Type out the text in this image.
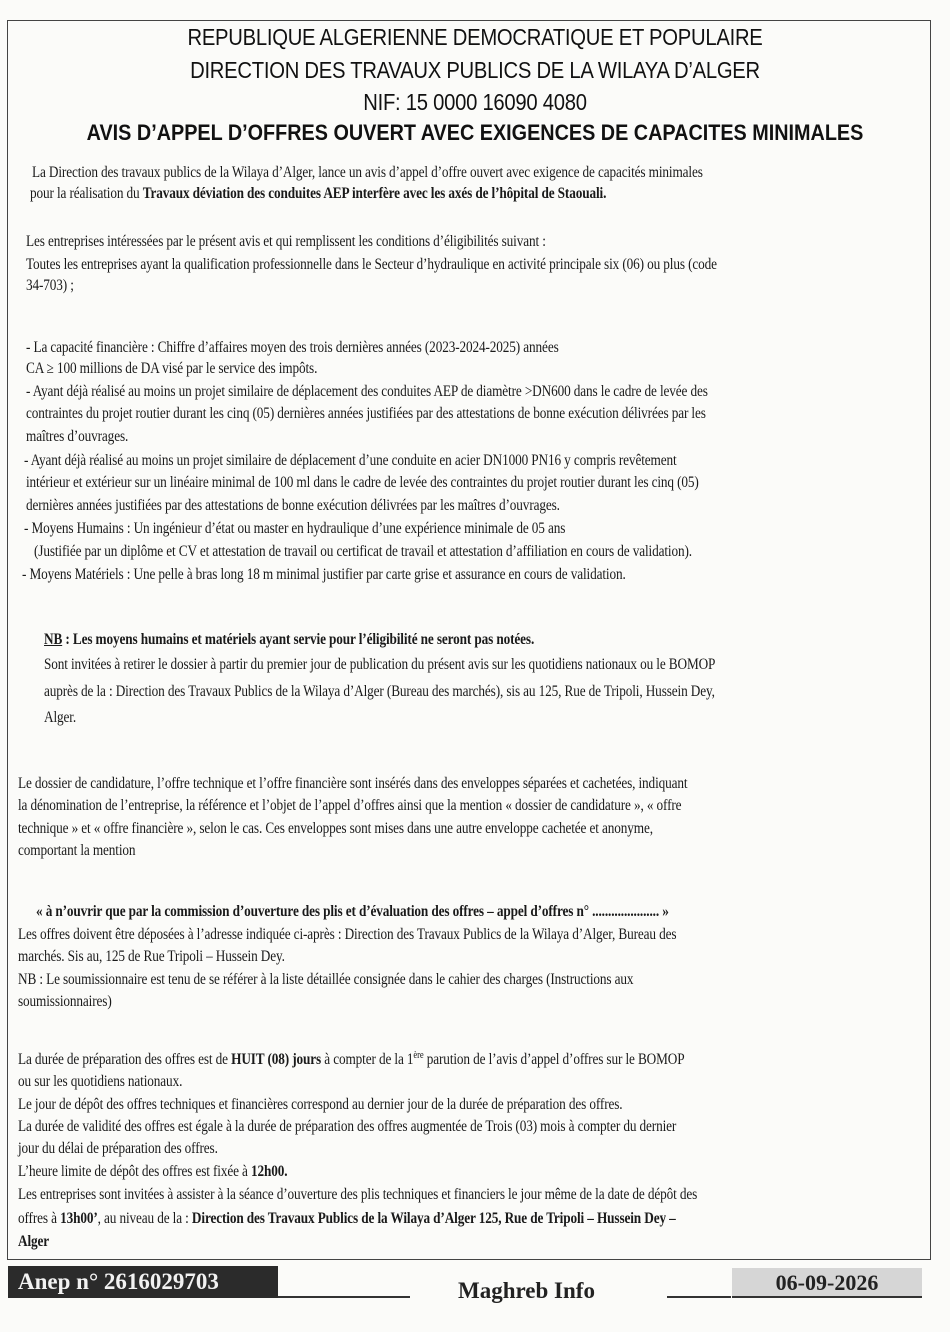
REPUBLIQUE ALGERIENNE DEMOCRATIQUE ET POPULAIRE
DIRECTION DES TRAVAUX PUBLICS DE LA WILAYA D’ALGER
NIF: 15 0000 16090 4080
AVIS D’APPEL D’OFFRES OUVERT AVEC EXIGENCES DE CAPACITES MINIMALES
La Direction des travaux publics de la Wilaya d’Alger, lance un avis d’appel d’offre ouvert avec exigence de capacités minimales
pour la réalisation du Travaux déviation des conduites AEP interfère avec les axés de l’hôpital de Staouali.
Les entreprises intéressées par le présent avis et qui remplissent les conditions d’éligibilités suivant :
Toutes les entreprises ayant la qualification professionnelle dans le Secteur d’hydraulique en activité principale six (06) ou plus (code
34-703) ;
- La capacité financière : Chiffre d’affaires moyen des trois dernières années (2023-2024-2025) années
CA ≥ 100 millions de DA visé par le service des impôts.
- Ayant déjà réalisé au moins un projet similaire de déplacement des conduites AEP de diamètre >DN600 dans le cadre de levée des
contraintes du projet routier durant les cinq (05) dernières années justifiées par des attestations de bonne exécution délivrées par les
maîtres d’ouvrages.
- Ayant déjà réalisé au moins un projet similaire de déplacement d’une conduite en acier DN1000 PN16 y compris revêtement
intérieur et extérieur sur un linéaire minimal de 100 ml dans le cadre de levée des contraintes du projet routier durant les cinq (05)
dernières années justifiées par des attestations de bonne exécution délivrées par les maîtres d’ouvrages.
- Moyens Humains : Un ingénieur d’état ou master en hydraulique d’une expérience minimale de 05 ans
(Justifiée par un diplôme et CV et attestation de travail ou certificat de travail et attestation d’affiliation en cours de validation).
- Moyens Matériels : Une pelle à bras long 18 m minimal justifier par carte grise et assurance en cours de validation.
NB : Les moyens humains et matériels ayant servie pour l’éligibilité ne seront pas notées.
Sont invitées à retirer le dossier à partir du premier jour de publication du présent avis sur les quotidiens nationaux ou le BOMOP
auprès de la : Direction des Travaux Publics de la Wilaya d’Alger (Bureau des marchés), sis au 125, Rue de Tripoli, Hussein Dey,
Alger.
Le dossier de candidature, l’offre technique et l’offre financière sont insérés dans des enveloppes séparées et cachetées, indiquant
la dénomination de l’entreprise, la référence et l’objet de l’appel d’offres ainsi que la mention « dossier de candidature », « offre
technique » et « offre financière », selon le cas. Ces enveloppes sont mises dans une autre enveloppe cachetée et anonyme,
comportant la mention
« à n’ouvrir que par la commission d’ouverture des plis et d’évaluation des offres – appel d’offres n° ..................... »
Les offres doivent être déposées à l’adresse indiquée ci-après : Direction des Travaux Publics de la Wilaya d’Alger, Bureau des
marchés. Sis au, 125 de Rue Tripoli – Hussein Dey.
NB : Le soumissionnaire est tenu de se référer à la liste détaillée consignée dans le cahier des charges (Instructions aux
soumissionnaires)
La durée de préparation des offres est de HUIT (08) jours à compter de la 1ère parution de l’avis d’appel d’offres sur le BOMOP
ou sur les quotidiens nationaux.
Le jour de dépôt des offres techniques et financières correspond au dernier jour de la durée de préparation des offres.
La durée de validité des offres est égale à la durée de préparation des offres augmentée de Trois (03) mois à compter du dernier
jour du délai de préparation des offres.
L’heure limite de dépôt des offres est fixée à 12h00.
Les entreprises sont invitées à assister à la séance d’ouverture des plis techniques et financiers le jour même de la date de dépôt des
offres à 13h00’, au niveau de la : Direction des Travaux Publics de la Wilaya d’Alger 125, Rue de Tripoli – Hussein Dey –
Alger
Anep n° 2616029703	Maghreb Info	06-09-2026
